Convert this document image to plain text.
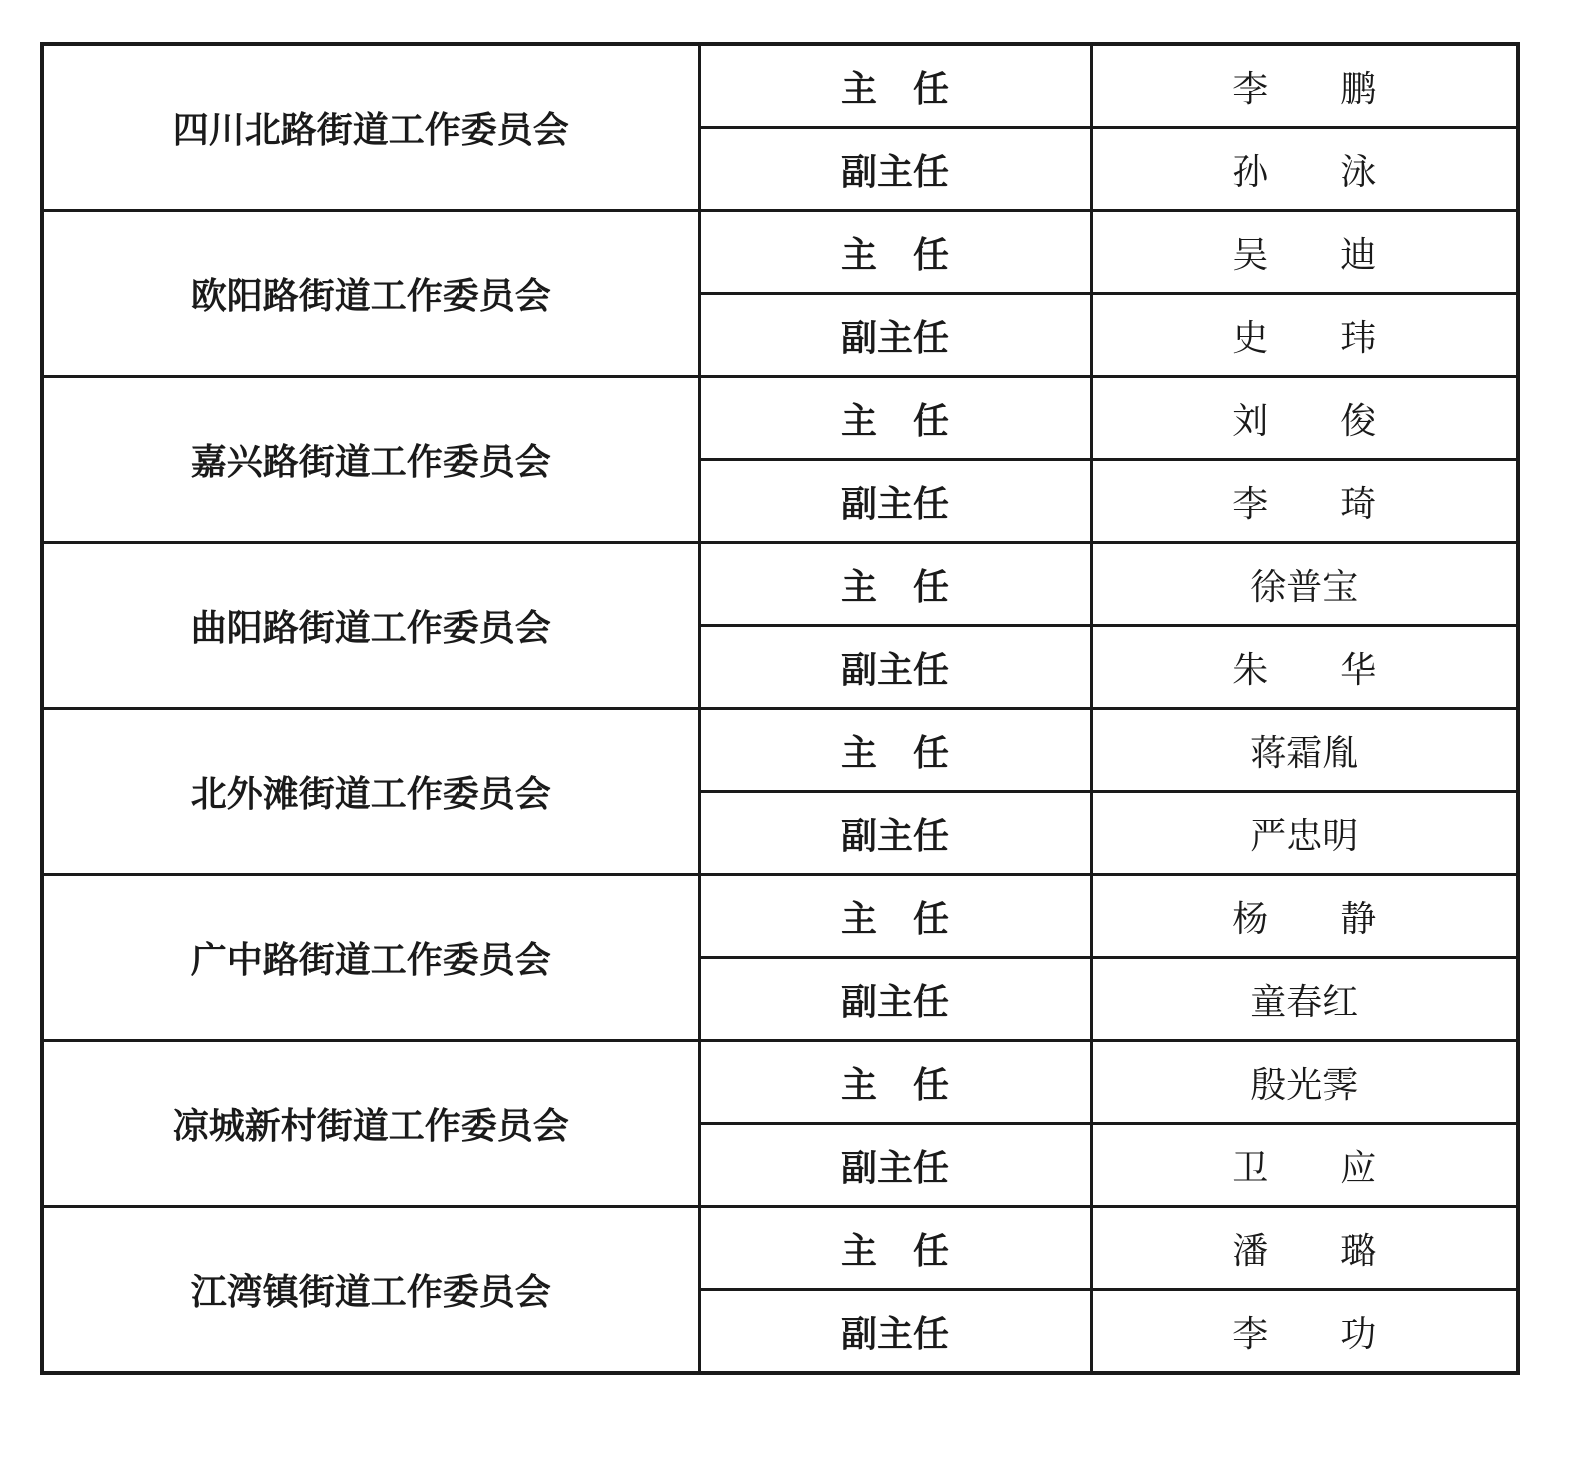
四川北路街道工作委员会	主　任	李　　鹏
	副主任	孙　　泳
欧阳路街道工作委员会	主　任	吴　　迪
	副主任	史　　玮
嘉兴路街道工作委员会	主　任	刘　　俊
	副主任	李　　琦
曲阳路街道工作委员会	主　任	徐普宝
	副主任	朱　　华
北外滩街道工作委员会	主　任	蒋霜胤
	副主任	严忠明
广中路街道工作委员会	主　任	杨　　静
	副主任	童春红
凉城新村街道工作委员会	主　任	殷光霁
	副主任	卫　　应
江湾镇街道工作委员会	主　任	潘　　璐
	副主任	李　　功
